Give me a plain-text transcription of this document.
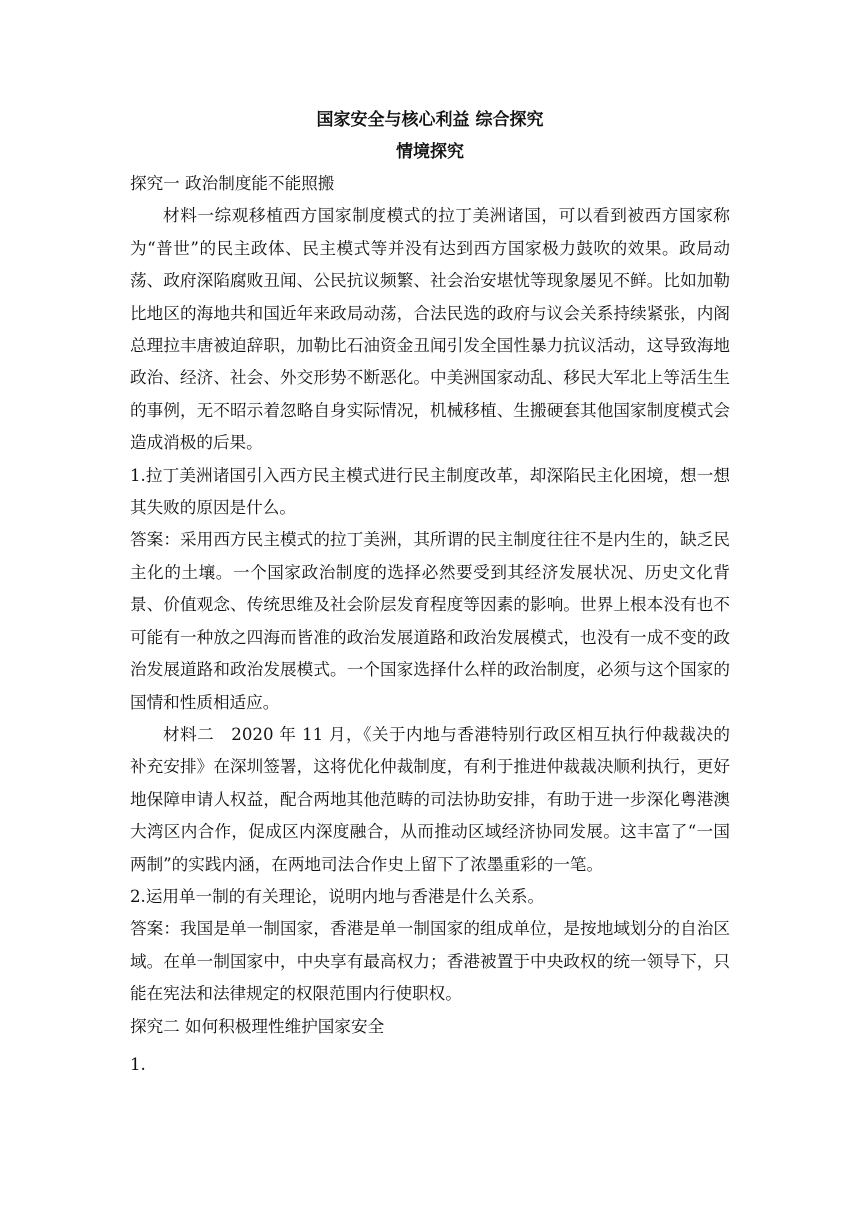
国家安全与核心利益 综合探究

情境探究

探究一 政治制度能不能照搬

材料一综观移植西方国家制度模式的拉丁美洲诸国，可以看到被西方国家称为“普世”的民主政体、民主模式等并没有达到西方国家极力鼓吹的效果。政局动荡、政府深陷腐败丑闻、公民抗议频繁、社会治安堪忧等现象屡见不鲜。比如加勒比地区的海地共和国近年来政局动荡，合法民选的政府与议会关系持续紧张，内阁总理拉丰唐被迫辞职，加勒比石油资金丑闻引发全国性暴力抗议活动，这导致海地政治、经济、社会、外交形势不断恶化。中美洲国家动乱、移民大军北上等活生生的事例，无不昭示着忽略自身实际情况，机械移植、生搬硬套其他国家制度模式会造成消极的后果。

1.拉丁美洲诸国引入西方民主模式进行民主制度改革，却深陷民主化困境，想一想其失败的原因是什么。

答案：采用西方民主模式的拉丁美洲，其所谓的民主制度往往不是内生的，缺乏民主化的土壤。一个国家政治制度的选择必然要受到其经济发展状况、历史文化背景、价值观念、传统思维及社会阶层发育程度等因素的影响。世界上根本没有也不可能有一种放之四海而皆准的政治发展道路和政治发展模式，也没有一成不变的政治发展道路和政治发展模式。一个国家选择什么样的政治制度，必须与这个国家的国情和性质相适应。

材料二　2020 年 11 月，《关于内地与香港特别行政区相互执行仲裁裁决的补充安排》在深圳签署，这将优化仲裁制度，有利于推进仲裁裁决顺利执行，更好地保障申请人权益，配合两地其他范畴的司法协助安排，有助于进一步深化粤港澳大湾区内合作，促成区内深度融合，从而推动区域经济协同发展。这丰富了“一国两制”的实践内涵，在两地司法合作史上留下了浓墨重彩的一笔。

2.运用单一制的有关理论，说明内地与香港是什么关系。

答案：我国是单一制国家，香港是单一制国家的组成单位，是按地域划分的自治区域。在单一制国家中，中央享有最高权力；香港被置于中央政权的统一领导下，只能在宪法和法律规定的权限范围内行使职权。

探究二 如何积极理性维护国家安全

1.
